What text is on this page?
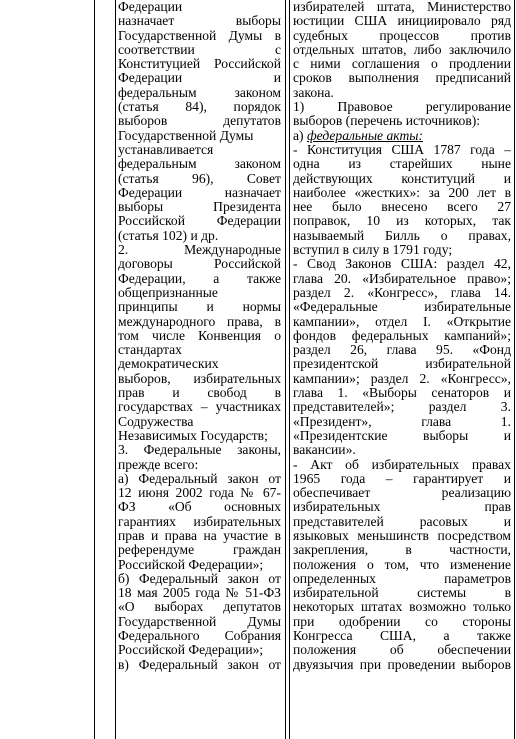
Федерации
назначает выборы
Государственной Думы в
соответствии с
Конституцией Российской
Федерации и
федеральным законом
(статья 84), порядок
выборов депутатов
Государственной Думы
устанавливается
федеральным законом
(статья 96), Совет
Федерации назначает
выборы Президента
Российской Федерации
(статья 102) и др.
2. Международные
договоры Российской
Федерации, а также
общепризнанные
принципы и нормы
международного права, в
том числе Конвенция о
стандартах
демократических
выборов, избирательных
прав и свобод в
государствах – участниках
Содружества
Независимых Государств;
3. Федеральные законы,
прежде всего:
а) Федеральный закон от
12 июня 2002 года № 67-
ФЗ «Об основных
гарантиях избирательных
прав и права на участие в
референдуме граждан
Российской Федерации»;
б) Федеральный закон от
18 мая 2005 года № 51-ФЗ
«О выборах депутатов
Государственной Думы
Федерального Собрания
Российской Федерации»;
в) Федеральный закон от
избирателей штата, Министерство
юстиции США инициировало ряд
судебных процессов против
отдельных штатов, либо заключило
с ними соглашения о продлении
сроков выполнения предписаний
закона.
1) Правовое регулирование
выборов (перечень источников):
а) федеральные акты:
- Конституция США 1787 года –
одна из старейших ныне
действующих конституций и
наиболее «жестких»: за 200 лет в
нее было внесено всего 27
поправок, 10 из которых, так
называемый Билль о правах,
вступил в силу в 1791 году;
- Свод Законов США: раздел 42,
глава 20. «Избирательное право»;
раздел 2. «Конгресс», глава 14.
«Федеральные избирательные
кампании», отдел I. «Открытие
фондов федеральных кампаний»;
раздел 26, глава 95. «Фонд
президентской избирательной
кампании»; раздел 2. «Конгресс»,
глава 1. «Выборы сенаторов и
представителей»; раздел 3.
«Президент», глава 1.
«Президентские выборы и
вакансии».
- Акт об избирательных правах
1965 года – гарантирует и
обеспечивает реализацию
избирательных прав
представителей расовых и
языковых меньшинств посредством
закрепления, в частности,
положения о том, что изменение
определенных параметров
избирательной системы в
некоторых штатах возможно только
при одобрении со стороны
Конгресса США, а также
положения об обеспечении
двуязычия при проведении выборов
